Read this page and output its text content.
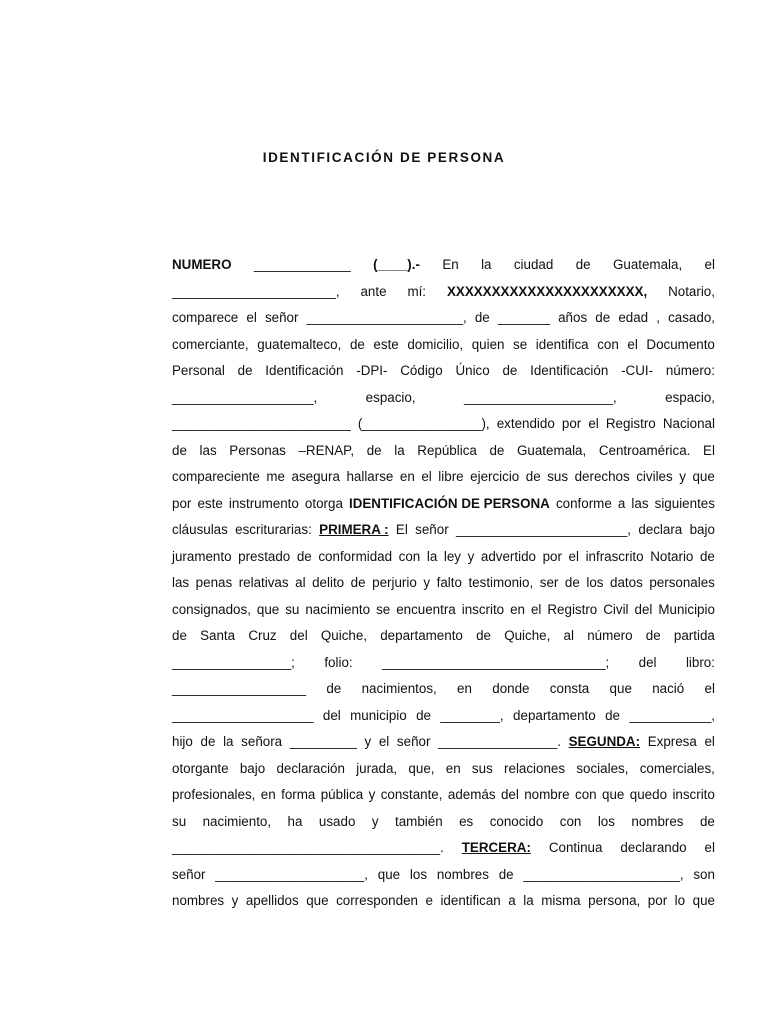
IDENTIFICACIÓN DE PERSONA
NUMERO _____________ (____).- En la ciudad de Guatemala, el
______________________, ante mí: XXXXXXXXXXXXXXXXXXXXXX, Notario,
comparece el señor _____________________, de _______ años de edad , casado,
comerciante, guatemalteco, de este domicilio, quien se identifica con el Documento
Personal de Identificación -DPI- Código Único de Identificación -CUI- número:
___________________,	espacio,	____________________,	espacio,
________________________ (________________), extendido por el Registro Nacional
de las Personas –RENAP, de la República de Guatemala, Centroamérica. El
compareciente me asegura hallarse en el libre ejercicio de sus derechos civiles y que
por este instrumento otorga IDENTIFICACIÓN DE PERSONA conforme a las siguientes
cláusulas escriturarias: PRIMERA : El señor _______________________, declara bajo
juramento prestado de conformidad con la ley y advertido por el infrascrito Notario de
las penas relativas al delito de perjurio y falto testimonio, ser de los datos personales
consignados, que su nacimiento se encuentra inscrito en el Registro Civil del Municipio
de Santa Cruz del Quiche, departamento de Quiche, al número de partida
________________; folio: ______________________________; del libro:
__________________ de nacimientos, en donde consta que nació el
___________________ del municipio de ________, departamento de ___________,
hijo de la señora _________ y el señor ________________. SEGUNDA: Expresa el
otorgante bajo declaración jurada, que, en sus relaciones sociales, comerciales,
profesionales, en forma pública y constante, además del nombre con que quedo inscrito
su nacimiento, ha usado y también es conocido con los nombres de
____________________________________. TERCERA: Continua declarando el
señor ____________________, que los nombres de _____________________, son
nombres y apellidos que corresponden e identifican a la misma persona, por lo que
